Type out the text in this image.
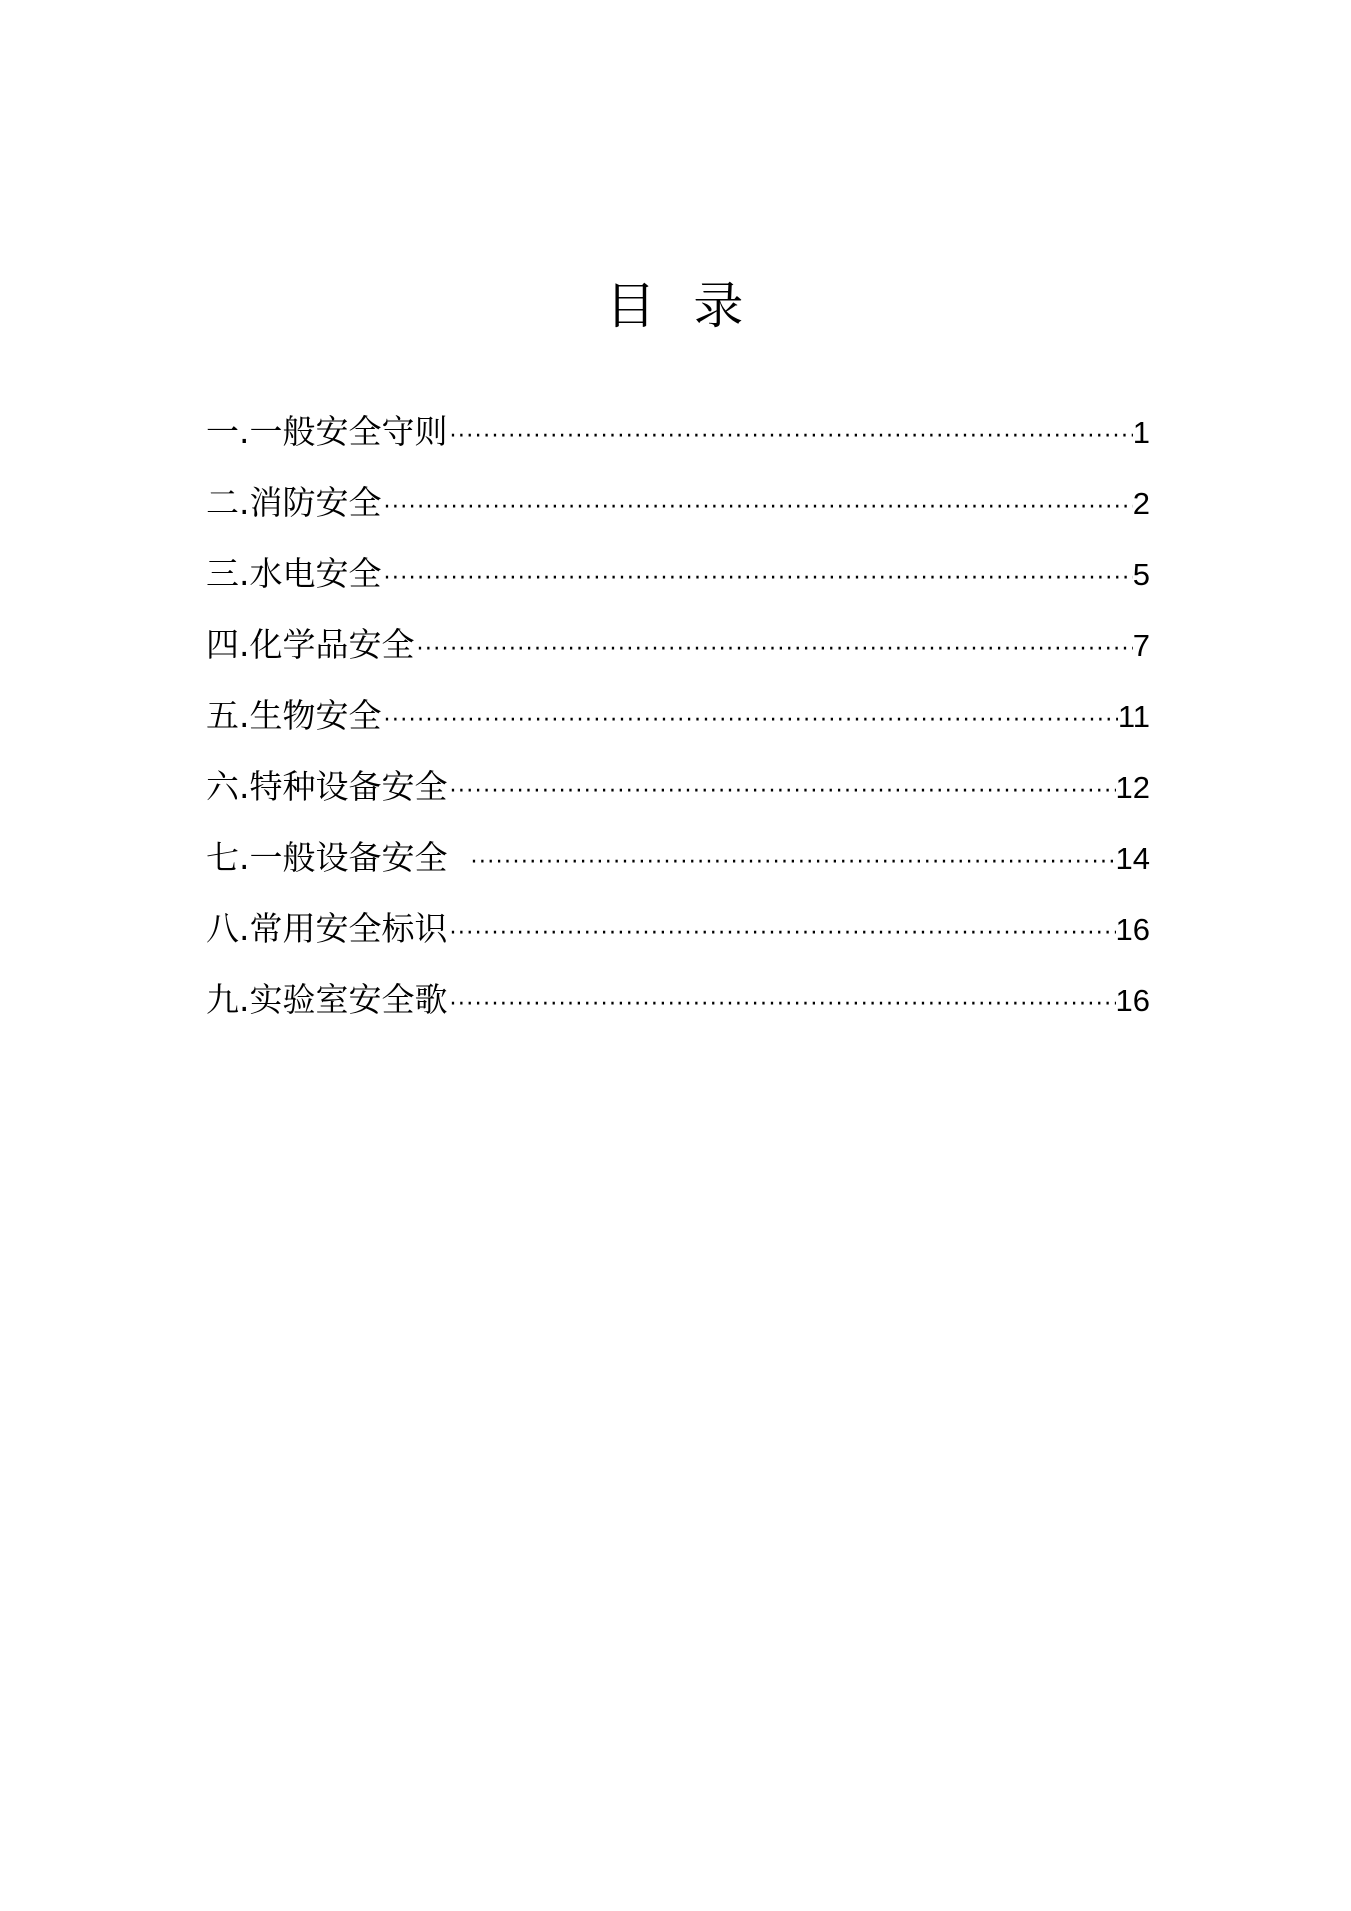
目  录
一.一般安全守则 ·····	1
二.消防安全 ·····	2
三.水电安全 ·····	5
四.化学品安全 ·····	7
五.生物安全 ·····	11
六.特种设备安全 ·····	12
七.一般设备安全 ·····	14
八.常用安全标识 ·····	16
九.实验室安全歌 ·····	16
